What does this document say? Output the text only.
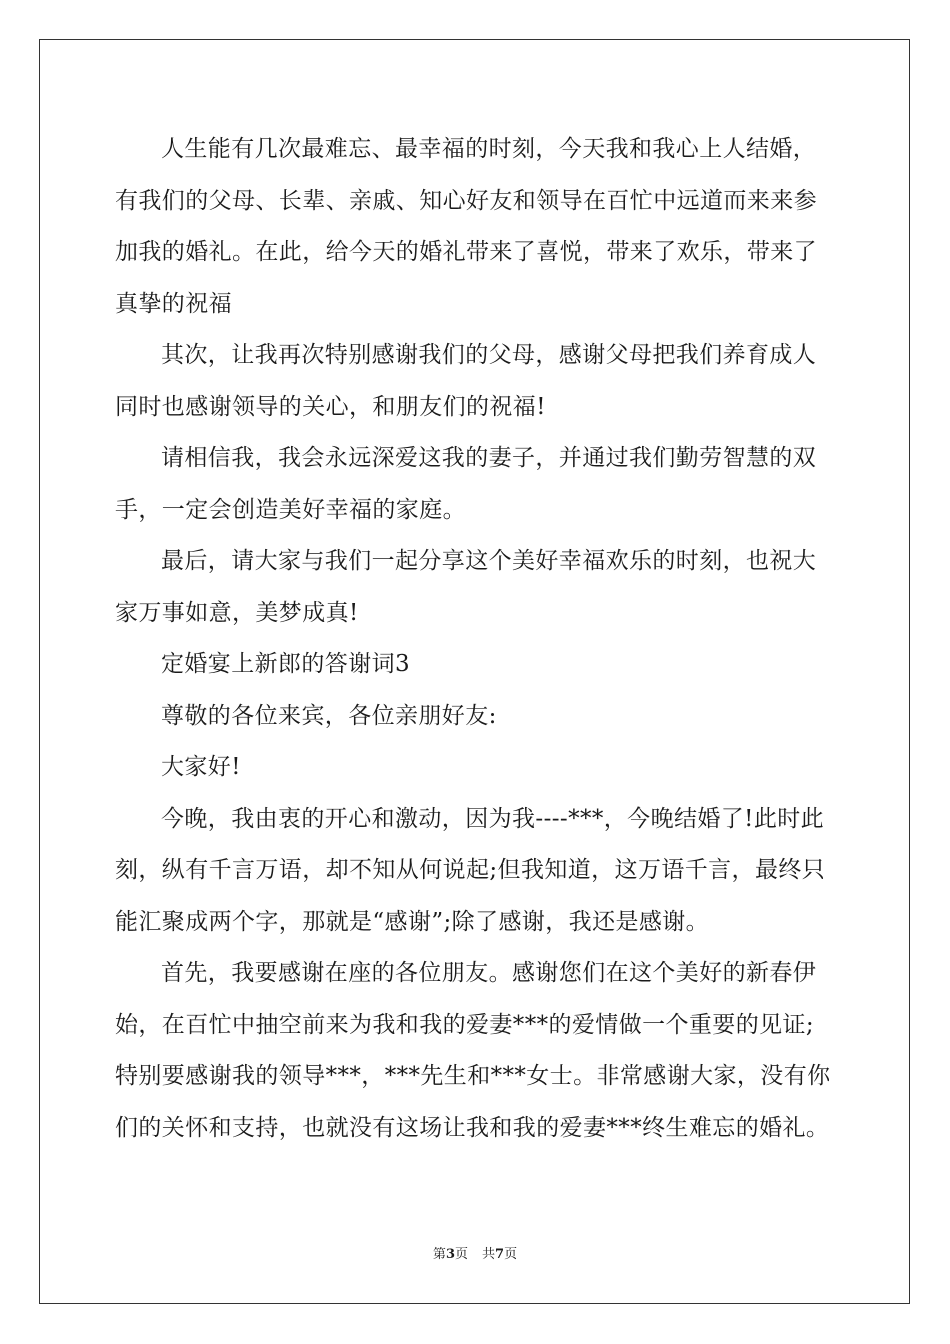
人生能有几次最难忘、最幸福的时刻，今天我和我心上人结婚，有我们的父母、长辈、亲戚、知心好友和领导在百忙中远道而来来参加我的婚礼。在此，给今天的婚礼带来了喜悦，带来了欢乐，带来了真挚的祝福

其次，让我再次特别感谢我们的父母，感谢父母把我们养育成人同时也感谢领导的关心，和朋友们的祝福!

请相信我，我会永远深爱这我的妻子，并通过我们勤劳智慧的双手，一定会创造美好幸福的家庭。

最后，请大家与我们一起分享这个美好幸福欢乐的时刻，也祝大家万事如意，美梦成真!

定婚宴上新郎的答谢词3

尊敬的各位来宾，各位亲朋好友:

大家好!

今晚，我由衷的开心和激动，因为我----***，今晚结婚了!此时此刻，纵有千言万语，却不知从何说起;但我知道，这万语千言，最终只能汇聚成两个字，那就是“感谢”;除了感谢，我还是感谢。

首先，我要感谢在座的各位朋友。感谢您们在这个美好的新春伊始，在百忙中抽空前来为我和我的爱妻***的爱情做一个重要的见证;特别要感谢我的领导***，***先生和***女士。非常感谢大家，没有你们的关怀和支持，也就没有这场让我和我的爱妻***终生难忘的婚礼。

第3页 共7页
